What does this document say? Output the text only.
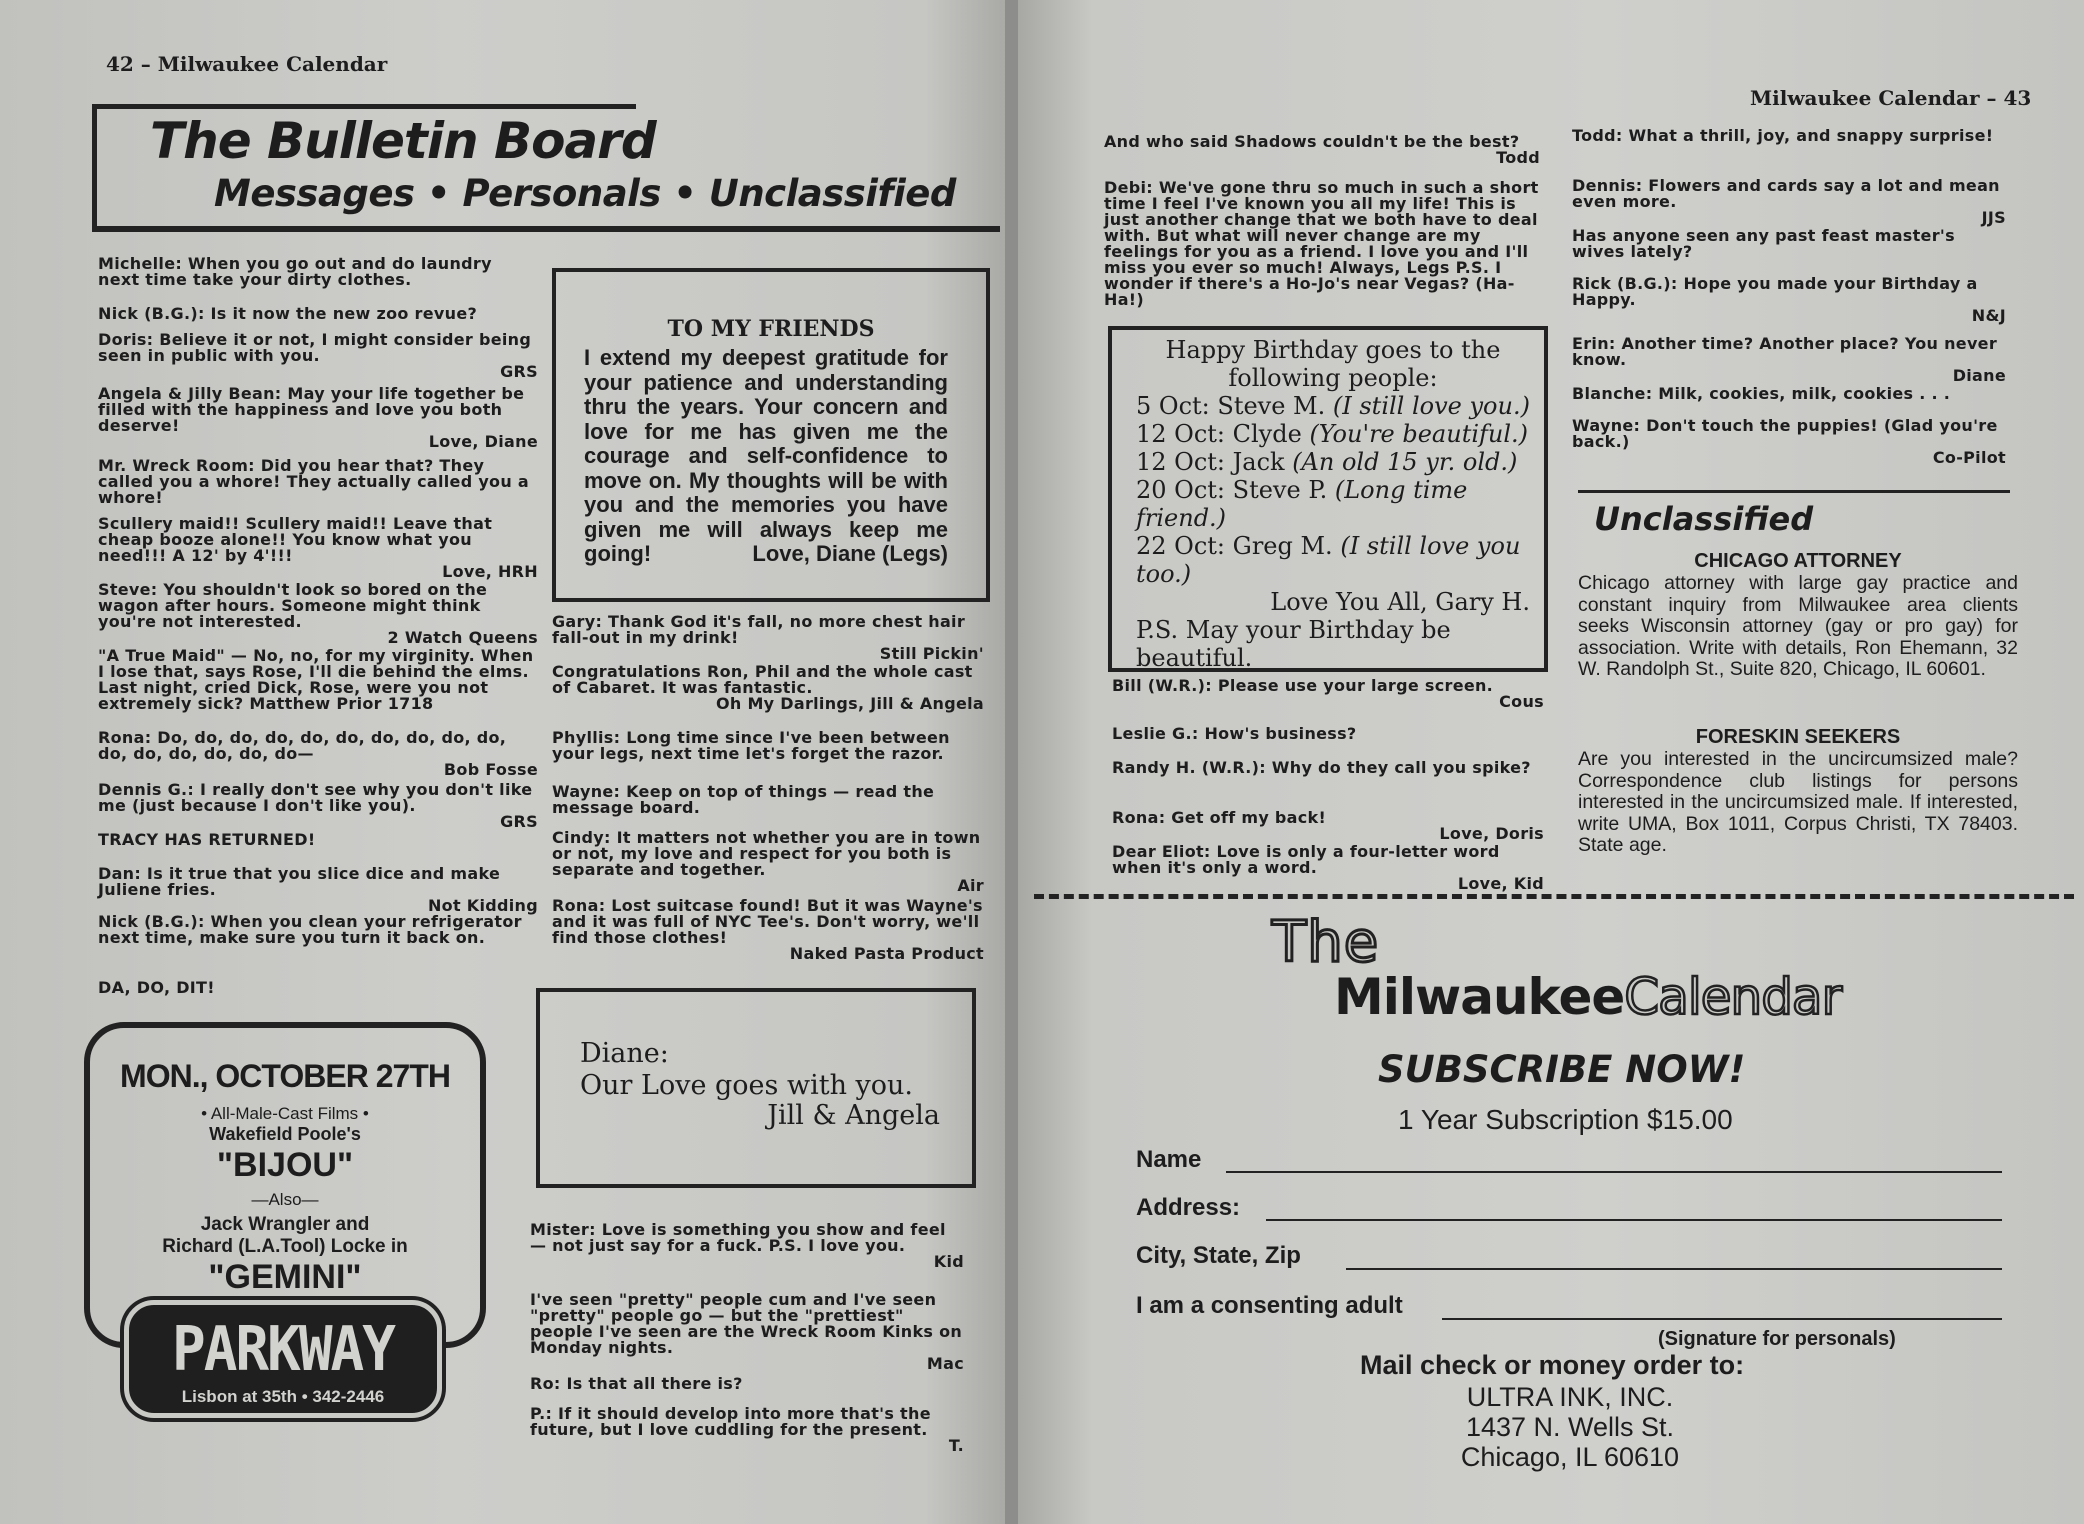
42 – Milwaukee Calendar
The Bulletin Board
Messages • Personals • Unclassified
Michelle: When you go out and do laundry next time take your dirty clothes.
Nick (B.G.): Is it now the new zoo revue?
Doris: Believe it or not, I might consider being seen in public with you.
GRS
Angela & Jilly Bean: May your life together be filled with the happiness and love you both deserve!
Love, Diane
Mr. Wreck Room: Did you hear that? They called you a whore! They actually called you a whore!
Scullery maid!! Scullery maid!! Leave that cheap booze alone!! You know what you need!!! A 12' by 4'!!!
Love, HRH
Steve: You shouldn't look so bored on the wagon after hours. Someone might think you're not interested.
2 Watch Queens
"A True Maid" — No, no, for my virginity. When I lose that, says Rose, I'll die behind the elms. Last night, cried Dick, Rose, were you not extremely sick? Matthew Prior 1718
Rona: Do, do, do, do, do, do, do, do, do, do, do, do, do, do, do, do—
Bob Fosse
Dennis G.: I really don't see why you don't like me (just because I don't like you).
GRS
TRACY HAS RETURNED!
Dan: Is it true that you slice dice and make Juliene fries.
Not Kidding
Nick (B.G.): When you clean your refrigerator next time, make sure you turn it back on.
DA, DO, DIT!
TO MY FRIENDS
I extend my deepest gratitude for your patience and understanding thru the years. Your concern and love for me has given me the courage and self-confidence to move on. My thoughts will be with you and the memories you have given me will always keep me going!	Love, Diane (Legs)
Gary: Thank God it's fall, no more chest hair fall-out in my drink!
Still Pickin'
Congratulations Ron, Phil and the whole cast of Cabaret. It was fantastic.
Oh My Darlings, Jill & Angela
Phyllis: Long time since I've been between your legs, next time let's forget the razor.
Wayne: Keep on top of things — read the message board.
Cindy: It matters not whether you are in town or not, my love and respect for you both is separate and together.
Air
Rona: Lost suitcase found! But it was Wayne's and it was full of NYC Tee's. Don't worry, we'll find those clothes!
Naked Pasta Product
Diane:
Our Love goes with you.
Jill & Angela
Mister: Love is something you show and feel — not just say for a fuck. P.S. I love you.
Kid
I've seen "pretty" people cum and I've seen "pretty" people go — but the "prettiest" people I've seen are the Wreck Room Kinks on Monday nights.
Mac
Ro: Is that all there is?
P.: If it should develop into more that's the future, but I love cuddling for the present.
T.
MON., OCTOBER 27TH
• All-Male-Cast Films •
Wakefield Poole's
"BIJOU"
—Also—
Jack Wrangler and
Richard (L.A.Tool) Locke in
"GEMINI"
PARKWAY
Lisbon at 35th • 342-2446
Milwaukee Calendar – 43
And who said Shadows couldn't be the best?
Todd
Debi: We've gone thru so much in such a short time I feel I've known you all my life! This is just another change that we both have to deal with. But what will never change are my feelings for you as a friend. I love you and I'll miss you ever so much! Always, Legs P.S. I wonder if there's a Ho-Jo's near Vegas? (Ha-Ha!)
Happy Birthday goes to the following people:
5 Oct: Steve M. (I still love you.)
12 Oct: Clyde (You're beautiful.)
12 Oct: Jack (An old 15 yr. old.)
20 Oct: Steve P. (Long time friend.)
22 Oct: Greg M. (I still love you too.)
Love You All, Gary H.
P.S. May your Birthday be beautiful.
Bill (W.R.): Please use your large screen.
Cous
Leslie G.: How's business?
Randy H. (W.R.): Why do they call you spike?
Rona: Get off my back!
Love, Doris
Dear Eliot: Love is only a four-letter word when it's only a word.
Love, Kid
Todd: What a thrill, joy, and snappy surprise!
Dennis: Flowers and cards say a lot and mean even more.
JJS
Has anyone seen any past feast master's wives lately?
Rick (B.G.): Hope you made your Birthday a Happy.
N&J
Erin: Another time? Another place? You never know.
Diane
Blanche: Milk, cookies, milk, cookies . . .
Wayne: Don't touch the puppies! (Glad you're back.)
Co-Pilot
Unclassified
CHICAGO ATTORNEY
Chicago attorney with large gay practice and constant inquiry from Milwaukee area clients seeks Wisconsin attorney (gay or pro gay) for association. Write with details, Ron Ehemann, 32 W. Randolph St., Suite 820, Chicago, IL 60601.
FORESKIN SEEKERS
Are you interested in the uncircumsized male? Correspondence club listings for persons interested in the uncircumsized male. If interested, write UMA, Box 1011, Corpus Christi, TX 78403. State age.
The
MilwaukeeCalendar
SUBSCRIBE NOW!
1 Year Subscription $15.00
Name
Address:
City, State, Zip
I am a consenting adult
(Signature for personals)
Mail check or money order to:
ULTRA INK, INC.
1437 N. Wells St.
Chicago, IL 60610
